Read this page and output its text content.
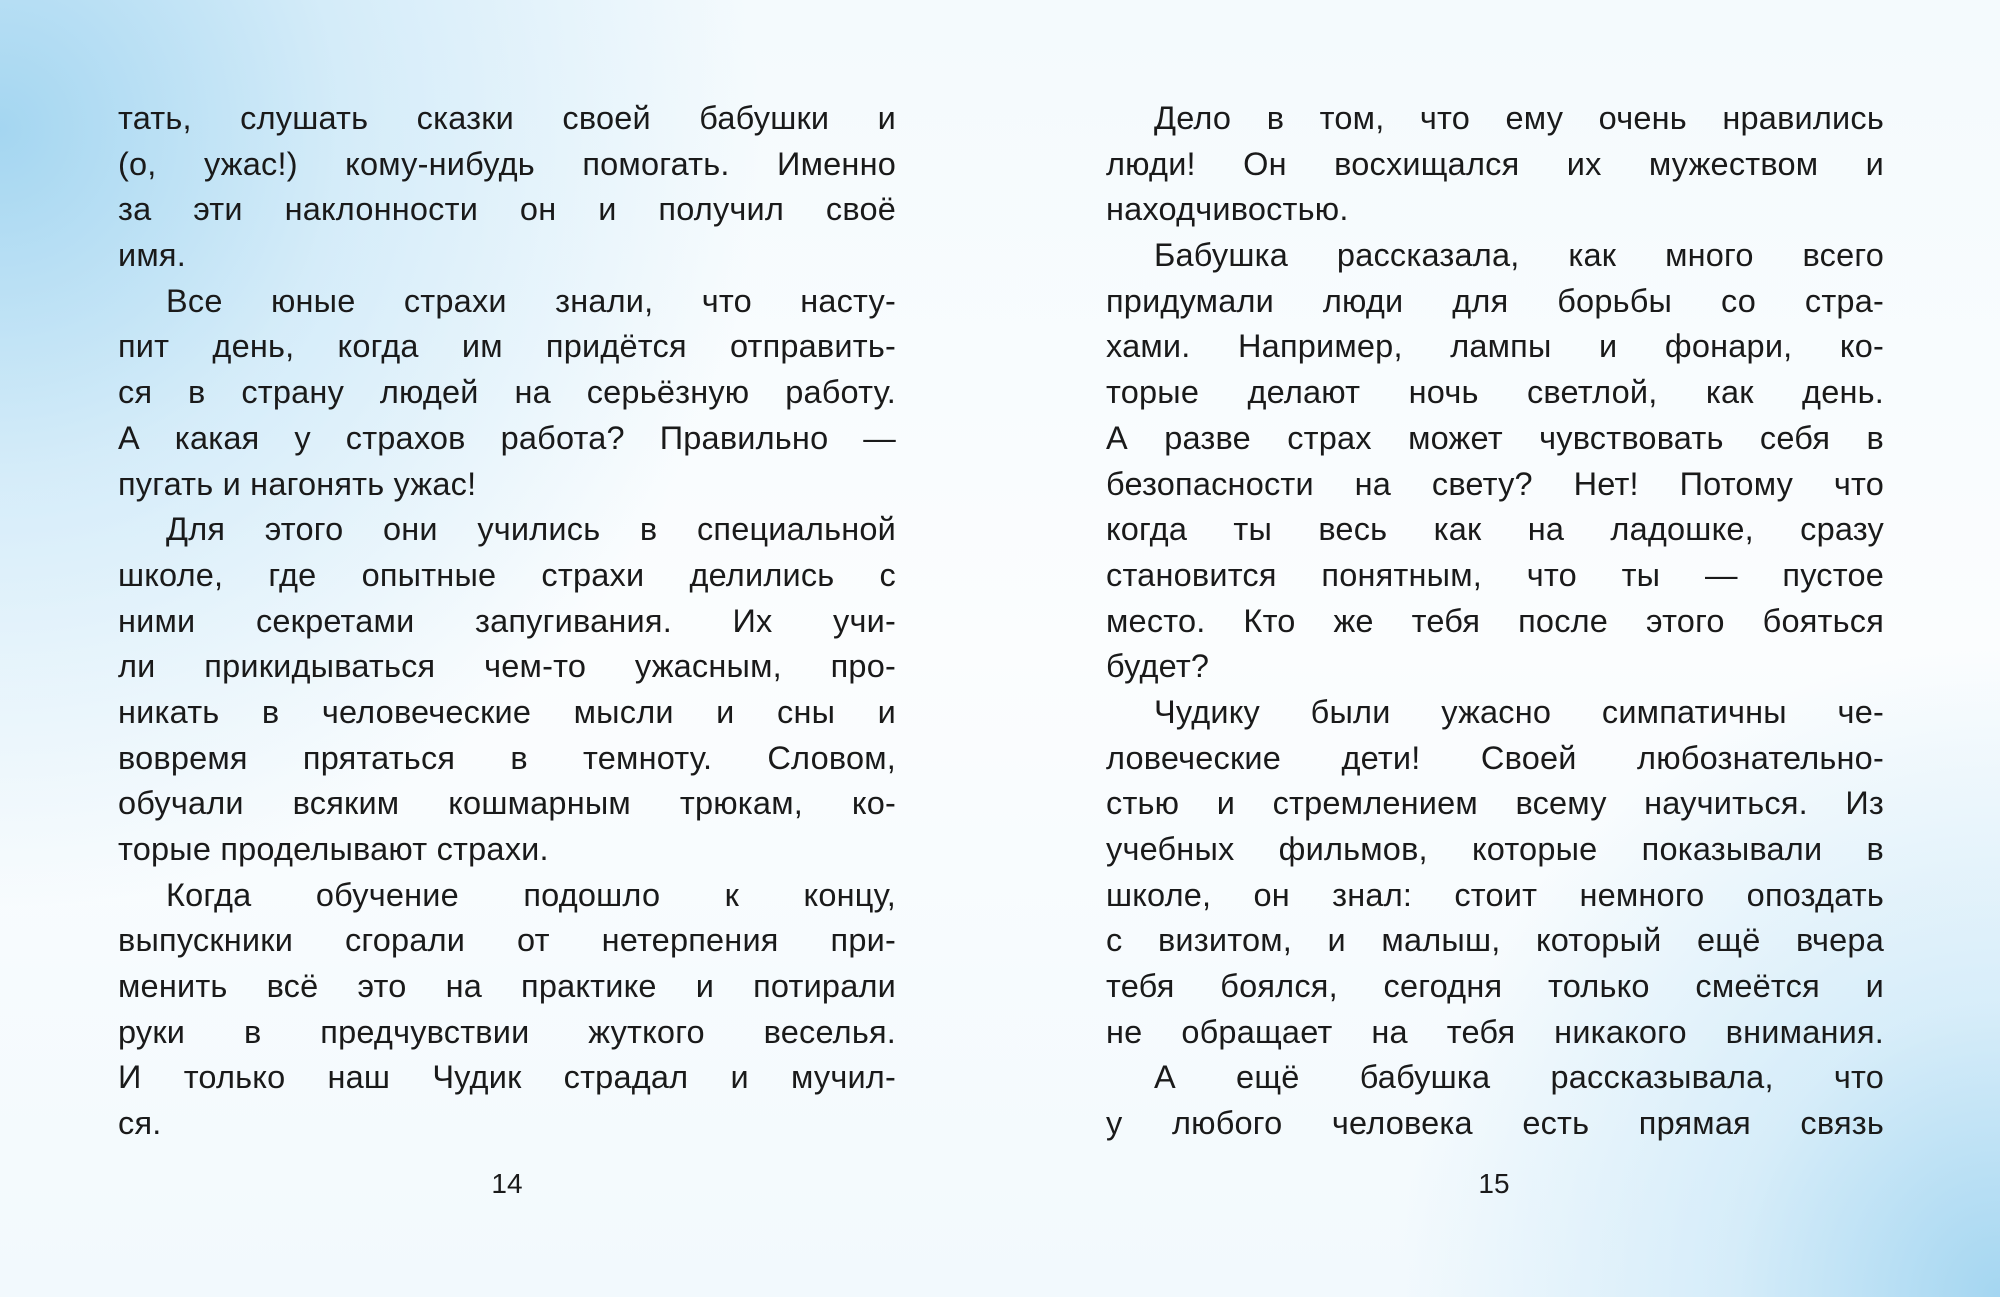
тать, слушать сказки своей бабушки и
(о, ужас!) кому-нибудь помогать. Именно
за эти наклонности он и получил своё
имя.
Все юные страхи знали, что насту-
пит день, когда им придётся отправить-
ся в страну людей на серьёзную работу.
А какая у страхов работа? Правильно —
пугать и нагонять ужас!
Для этого они учились в специальной
школе, где опытные страхи делились с
ними секретами запугивания. Их учи-
ли прикидываться чем-то ужасным, про-
никать в человеческие мысли и сны и
вовремя прятаться в темноту. Словом,
обучали всяким кошмарным трюкам, ко-
торые проделывают страхи.
Когда обучение подошло к концу,
выпускники сгорали от нетерпения при-
менить всё это на практике и потирали
руки в предчувствии жуткого веселья.
И только наш Чудик страдал и мучил-
ся.
14
Дело в том, что ему очень нравились
люди! Он восхищался их мужеством и
находчивостью.
Бабушка рассказала, как много всего
придумали люди для борьбы со стра-
хами. Например, лампы и фонари, ко-
торые делают ночь светлой, как день.
А разве страх может чувствовать себя в
безопасности на свету? Нет! Потому что
когда ты весь как на ладошке, сразу
становится понятным, что ты — пустое
место. Кто же тебя после этого бояться
будет?
Чудику были ужасно симпатичны че-
ловеческие дети! Своей любознательно-
стью и стремлением всему научиться. Из
учебных фильмов, которые показывали в
школе, он знал: стоит немного опоздать
с визитом, и малыш, который ещё вчера
тебя боялся, сегодня только смеётся и
не обращает на тебя никакого внимания.
А ещё бабушка рассказывала, что
у любого человека есть прямая связь
15
